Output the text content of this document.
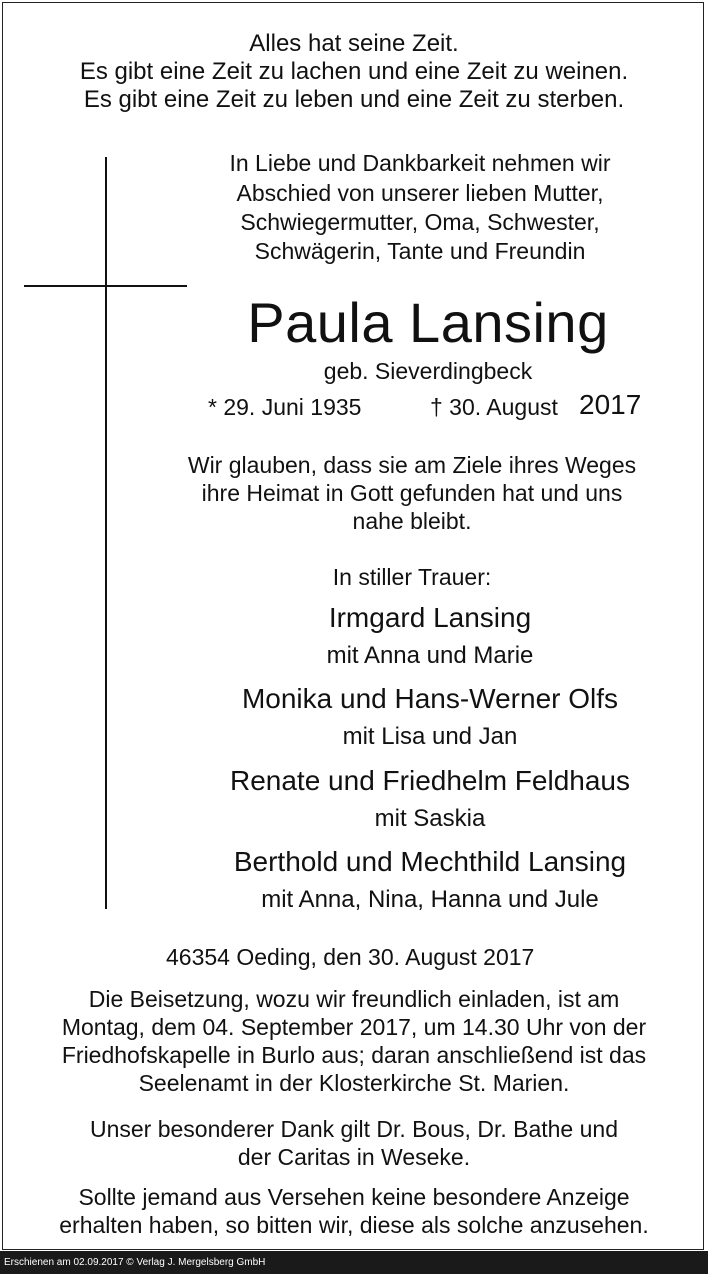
Alles hat seine Zeit.
Es gibt eine Zeit zu lachen und eine Zeit zu weinen.
Es gibt eine Zeit zu leben und eine Zeit zu sterben.
In Liebe und Dankbarkeit nehmen wir
Abschied von unserer lieben Mutter,
Schwiegermutter, Oma, Schwester,
Schwägerin, Tante und Freundin
Paula Lansing
geb. Sieverdingbeck
* 29. Juni 1935	† 30. August 2017
Wir glauben, dass sie am Ziele ihres Weges
ihre Heimat in Gott gefunden hat und uns
nahe bleibt.
In stiller Trauer:
Irmgard Lansing
mit Anna und Marie
Monika und Hans-Werner Olfs
mit Lisa und Jan
Renate und Friedhelm Feldhaus
mit Saskia
Berthold und Mechthild Lansing
mit Anna, Nina, Hanna und Jule
46354 Oeding, den 30. August 2017
Die Beisetzung, wozu wir freundlich einladen, ist am
Montag, dem 04. September 2017, um 14.30 Uhr von der
Friedhofskapelle in Burlo aus; daran anschließend ist das
Seelenamt in der Klosterkirche St. Marien.
Unser besonderer Dank gilt Dr. Bous, Dr. Bathe und
der Caritas in Weseke.
Sollte jemand aus Versehen keine besondere Anzeige
erhalten haben, so bitten wir, diese als solche anzusehen.
Erschienen am 02.09.2017 © Verlag J. Mergelsberg GmbH
